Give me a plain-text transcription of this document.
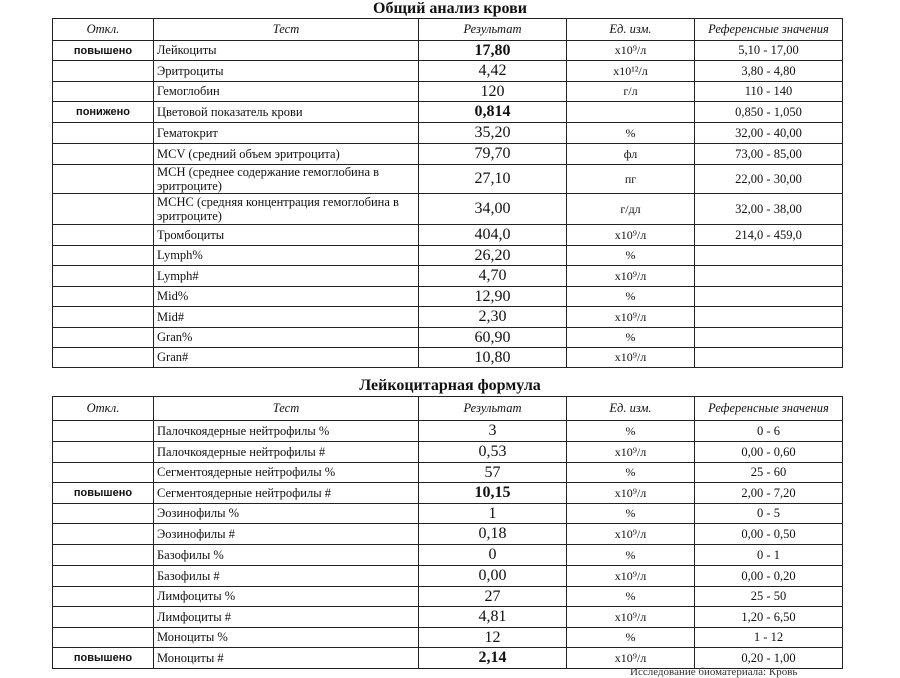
Общий анализ крови
Откл.	Тест	Результат	Ед. изм.	Референсные значения
повышено	Лейкоциты	17,80	x10⁹/л	5,10 - 17,00
	Эритроциты	4,42	x10¹²/л	3,80 - 4,80
	Гемоглобин	120	г/л	110 - 140
понижено	Цветовой показатель крови	0,814		0,850 - 1,050
	Гематокрит	35,20	%	32,00 - 40,00
	MCV (средний объем эритроцита)	79,70	фл	73,00 - 85,00
	MCH (среднее содержание гемоглобина в эритроците)	27,10	пг	22,00 - 30,00
	MCHC (средняя концентрация гемоглобина в эритроците)	34,00	г/дл	32,00 - 38,00
	Тромбоциты	404,0	x10⁹/л	214,0 - 459,0
	Lymph%	26,20	%	
	Lymph#	4,70	x10⁹/л	
	Mid%	12,90	%	
	Mid#	2,30	x10⁹/л	
	Gran%	60,90	%	
	Gran#	10,80	x10⁹/л	
Лейкоцитарная формула
Откл.	Тест	Результат	Ед. изм.	Референсные значения
	Палочкоядерные нейтрофилы %	3	%	0 - 6
	Палочкоядерные нейтрофилы #	0,53	x10⁹/л	0,00 - 0,60
	Сегментоядерные нейтрофилы %	57	%	25 - 60
повышено	Сегментоядерные нейтрофилы #	10,15	x10⁹/л	2,00 - 7,20
	Эозинофилы %	1	%	0 - 5
	Эозинофилы #	0,18	x10⁹/л	0,00 - 0,50
	Базофилы %	0	%	0 - 1
	Базофилы #	0,00	x10⁹/л	0,00 - 0,20
	Лимфоциты %	27	%	25 - 50
	Лимфоциты #	4,81	x10⁹/л	1,20 - 6,50
	Моноциты %	12	%	1 - 12
повышено	Моноциты #	2,14	x10⁹/л	0,20 - 1,00
Исследование биоматериала: Кровь
